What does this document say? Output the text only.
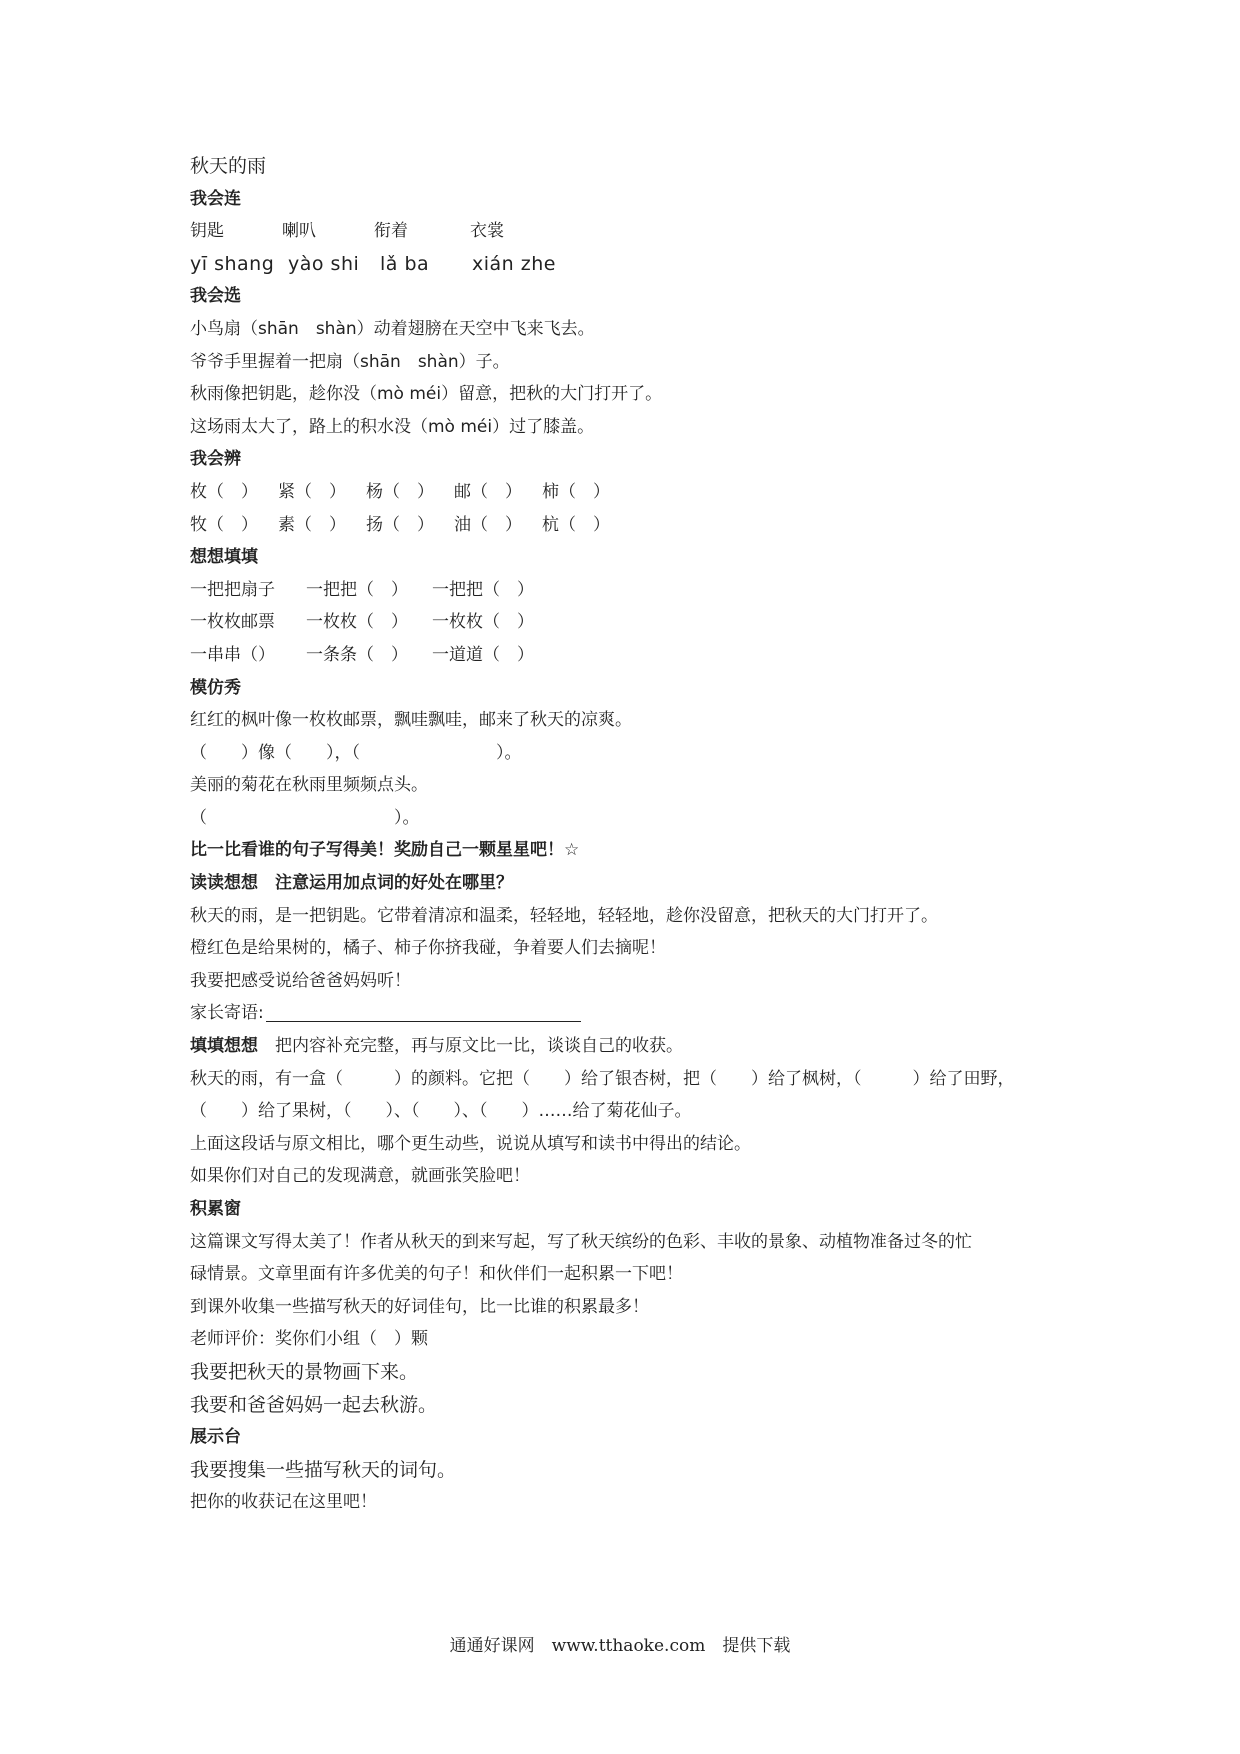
秋天的雨
我会连
钥匙	喇叭	衔着	衣裳
yī shang yào shi lǎ ba xián zhe
我会选
小鸟扇（shān　shàn）动着翅膀在天空中飞来飞去。
爷爷手里握着一把扇（shān　shàn）子。
秋雨像把钥匙，趁你没（mò méi）留意，把秋的大门打开了。
这场雨太大了，路上的积水没（mò méi）过了膝盖。
我会辨
枚（　） 紧（　） 杨（　） 邮（　） 柿（　）
牧（　） 素（　） 扬（　） 油（　） 杭（　）
想想填填
一把把扇子 一把把（　） 一把把（　）
一枚枚邮票 一枚枚（　） 一枚枚（　）
一串串（） 一条条（　） 一道道（　）
模仿秀
红红的枫叶像一枚枚邮票，飘哇飘哇，邮来了秋天的凉爽。
（　　）像（　　），（　　　　　　　　）。
美丽的菊花在秋雨里频频点头。
（　　　　　　　　　　　）。
比一比看谁的句子写得美！奖励自己一颗星星吧！☆
读读想想　注意运用加点词的好处在哪里？
秋天的雨，是一把钥匙。它带着清凉和温柔，轻轻地，轻轻地，趁你没留意，把秋天的大门打开了。
橙红色是给果树的，橘子、柿子你挤我碰，争着要人们去摘呢！
我要把感受说给爸爸妈妈听！
家长寄语:
填填想想　把内容补充完整，再与原文比一比，谈谈自己的收获。
秋天的雨，有一盒（　　　）的颜料。它把（　　）给了银杏树，把（　　）给了枫树，（　　　）给了田野，
（　　）给了果树，（　　）、（　　）、（　　）……给了菊花仙子。
上面这段话与原文相比，哪个更生动些，说说从填写和读书中得出的结论。
如果你们对自己的发现满意，就画张笑脸吧！
积累窗
这篇课文写得太美了！作者从秋天的到来写起，写了秋天缤纷的色彩、丰收的景象、动植物准备过冬的忙
碌情景。文章里面有许多优美的句子！和伙伴们一起积累一下吧！
到课外收集一些描写秋天的好词佳句，比一比谁的积累最多！
老师评价：奖你们小组（　）颗
我要把秋天的景物画下来。
我要和爸爸妈妈一起去秋游。
展示台
我要搜集一些描写秋天的词句。
把你的收获记在这里吧！
通通好课网　www.tthaoke.com　提供下载
